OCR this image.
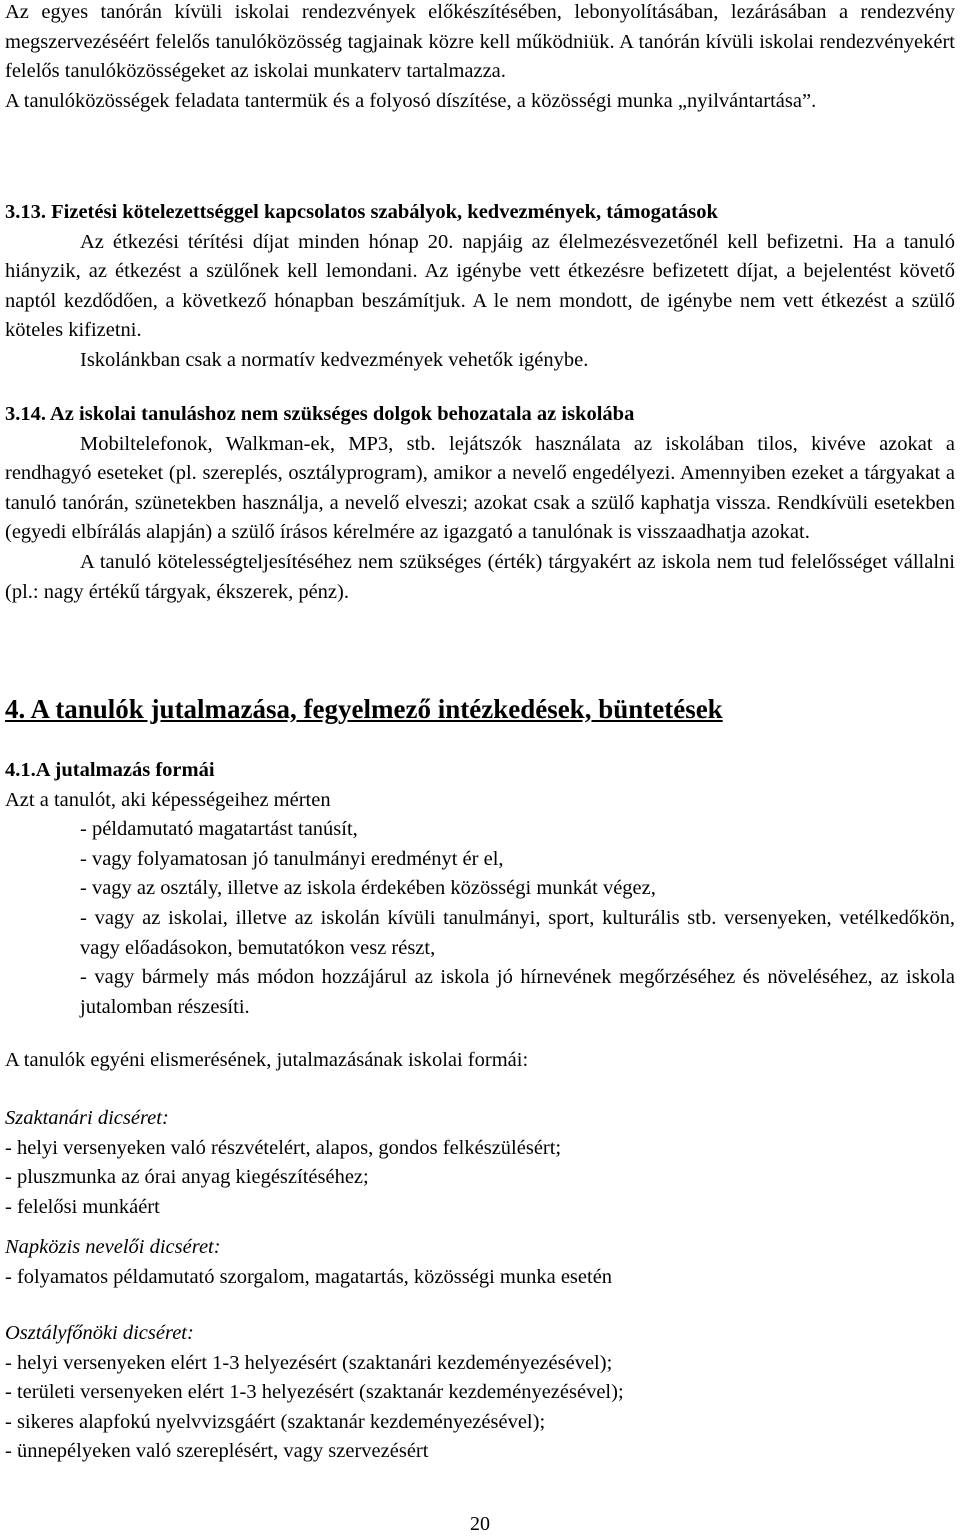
Az egyes tanórán kívüli iskolai rendezvények előkészítésében, lebonyolításában, lezárásában a rendezvény megszervezéséért felelős tanulóközösség tagjainak közre kell működniük. A tanórán kívüli iskolai rendezvényekért felelős tanulóközösségeket az iskolai munkaterv tartalmazza.

A tanulóközösségek feladata tantermük és a folyosó díszítése, a közösségi munka „nyilvántartása”.

3.13. Fizetési kötelezettséggel kapcsolatos szabályok, kedvezmények, támogatások

Az étkezési térítési díjat minden hónap 20. napjáig az élelmezésvezetőnél kell befizetni. Ha a tanuló hiányzik, az étkezést a szülőnek kell lemondani. Az igénybe vett étkezésre befizetett díjat, a bejelentést követő naptól kezdődően, a következő hónapban beszámítjuk. A le nem mondott, de igénybe nem vett étkezést a szülő köteles kifizetni.

Iskolánkban csak a normatív kedvezmények vehetők igénybe.

3.14. Az iskolai tanuláshoz nem szükséges dolgok behozatala az iskolába

Mobiltelefonok, Walkman-ek, MP3, stb. lejátszók használata az iskolában tilos, kivéve azokat a rendhagyó eseteket (pl. szereplés, osztályprogram), amikor a nevelő engedélyezi. Amennyiben ezeket a tárgyakat a tanuló tanórán, szünetekben használja, a nevelő elveszi; azokat csak a szülő kaphatja vissza. Rendkívüli esetekben (egyedi elbírálás alapján) a szülő írásos kérelmére az igazgató a tanulónak is visszaadhatja azokat.

A tanuló kötelességteljesítéséhez nem szükséges (érték) tárgyakért az iskola nem tud felelősséget vállalni (pl.: nagy értékű tárgyak, ékszerek, pénz).

4. A tanulók jutalmazása, fegyelmező intézkedések, büntetések

4.1.A jutalmazás formái

Azt a tanulót, aki képességeihez mérten

- példamutató magatartást tanúsít,

- vagy folyamatosan jó tanulmányi eredményt ér el,

- vagy az osztály, illetve az iskola érdekében közösségi munkát végez,

- vagy az iskolai, illetve az iskolán kívüli tanulmányi, sport, kulturális stb. versenyeken, vetélkedőkön, vagy előadásokon, bemutatókon vesz részt,

- vagy bármely más módon hozzájárul az iskola jó hírnevének megőrzéséhez és növeléséhez, az iskola jutalomban részesíti.

A tanulók egyéni elismerésének, jutalmazásának iskolai formái:

Szaktanári dicséret:

- helyi versenyeken való részvételért, alapos, gondos felkészülésért;

- pluszmunka az órai anyag kiegészítéséhez;

- felelősi munkáért

Napközis nevelői dicséret:

- folyamatos példamutató szorgalom, magatartás, közösségi munka esetén

Osztályfőnöki dicséret:

- helyi versenyeken elért 1-3 helyezésért (szaktanári kezdeményezésével);

- területi versenyeken elért 1-3 helyezésért (szaktanár kezdeményezésével);

- sikeres alapfokú nyelvvizsgáért (szaktanár kezdeményezésével);

- ünnepélyeken való szereplésért, vagy szervezésért

20
